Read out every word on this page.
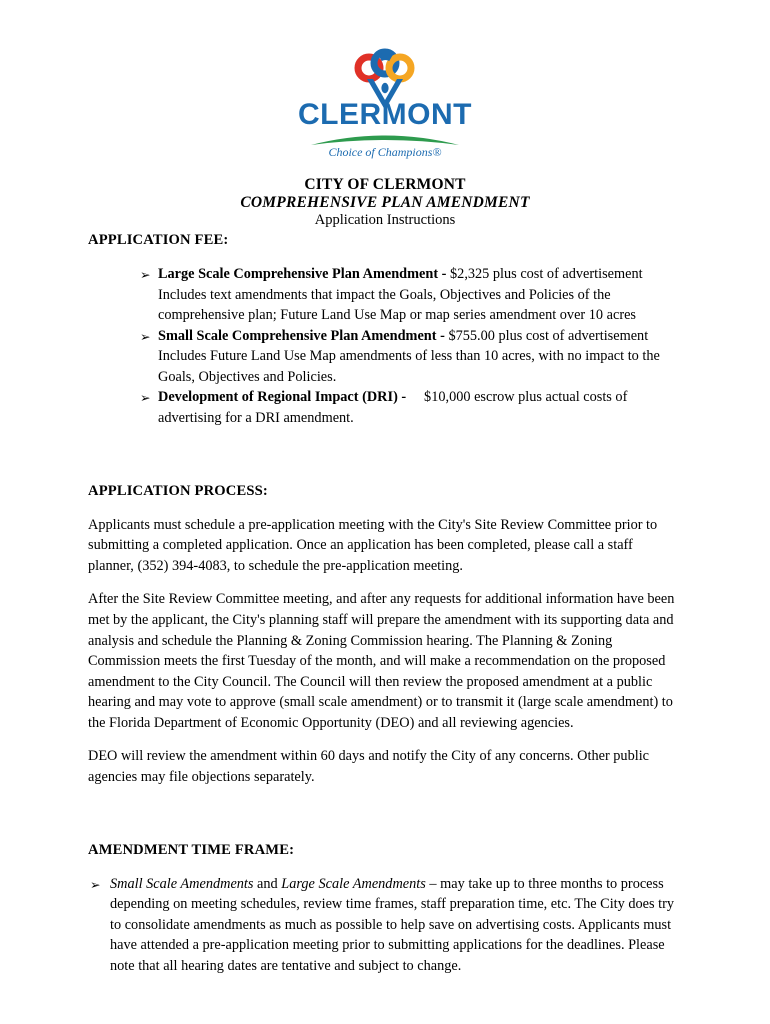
CLERMONT
Choice of Champions®
CITY OF CLERMONT
COMPREHENSIVE PLAN AMENDMENT
Application Instructions
APPLICATION FEE:
➢ Large Scale Comprehensive Plan Amendment - $2,325 plus cost of advertisement Includes text amendments that impact the Goals, Objectives and Policies of the comprehensive plan; Future Land Use Map or map series amendment over 10 acres
➢ Small Scale Comprehensive Plan Amendment - $755.00 plus cost of advertisement Includes Future Land Use Map amendments of less than 10 acres, with no impact to the Goals, Objectives and Policies.
➢ Development of Regional Impact (DRI) -     $10,000 escrow plus actual costs of advertising for a DRI amendment.
APPLICATION PROCESS:

Applicants must schedule a pre-application meeting with the City's Site Review Committee prior to submitting a completed application. Once an application has been completed, please call a staff planner, (352) 394-4083, to schedule the pre-application meeting.

After the Site Review Committee meeting, and after any requests for additional information have been met by the applicant, the City's planning staff will prepare the amendment with its supporting data and analysis and schedule the Planning & Zoning Commission hearing. The Planning & Zoning Commission meets the first Tuesday of the month, and will make a recommendation on the proposed amendment to the City Council. The Council will then review the proposed amendment at a public hearing and may vote to approve (small scale amendment) or to transmit it (large scale amendment) to the Florida Department of Economic Opportunity (DEO) and all reviewing agencies.

DEO will review the amendment within 60 days and notify the City of any concerns. Other public agencies may file objections separately.

AMENDMENT TIME FRAME:
➢ Small Scale Amendments and Large Scale Amendments – may take up to three months to process depending on meeting schedules, review time frames, staff preparation time, etc. The City does try to consolidate amendments as much as possible to help save on advertising costs. Applicants must have attended a pre-application meeting prior to submitting applications for the deadlines. Please note that all hearing dates are tentative and subject to change.
